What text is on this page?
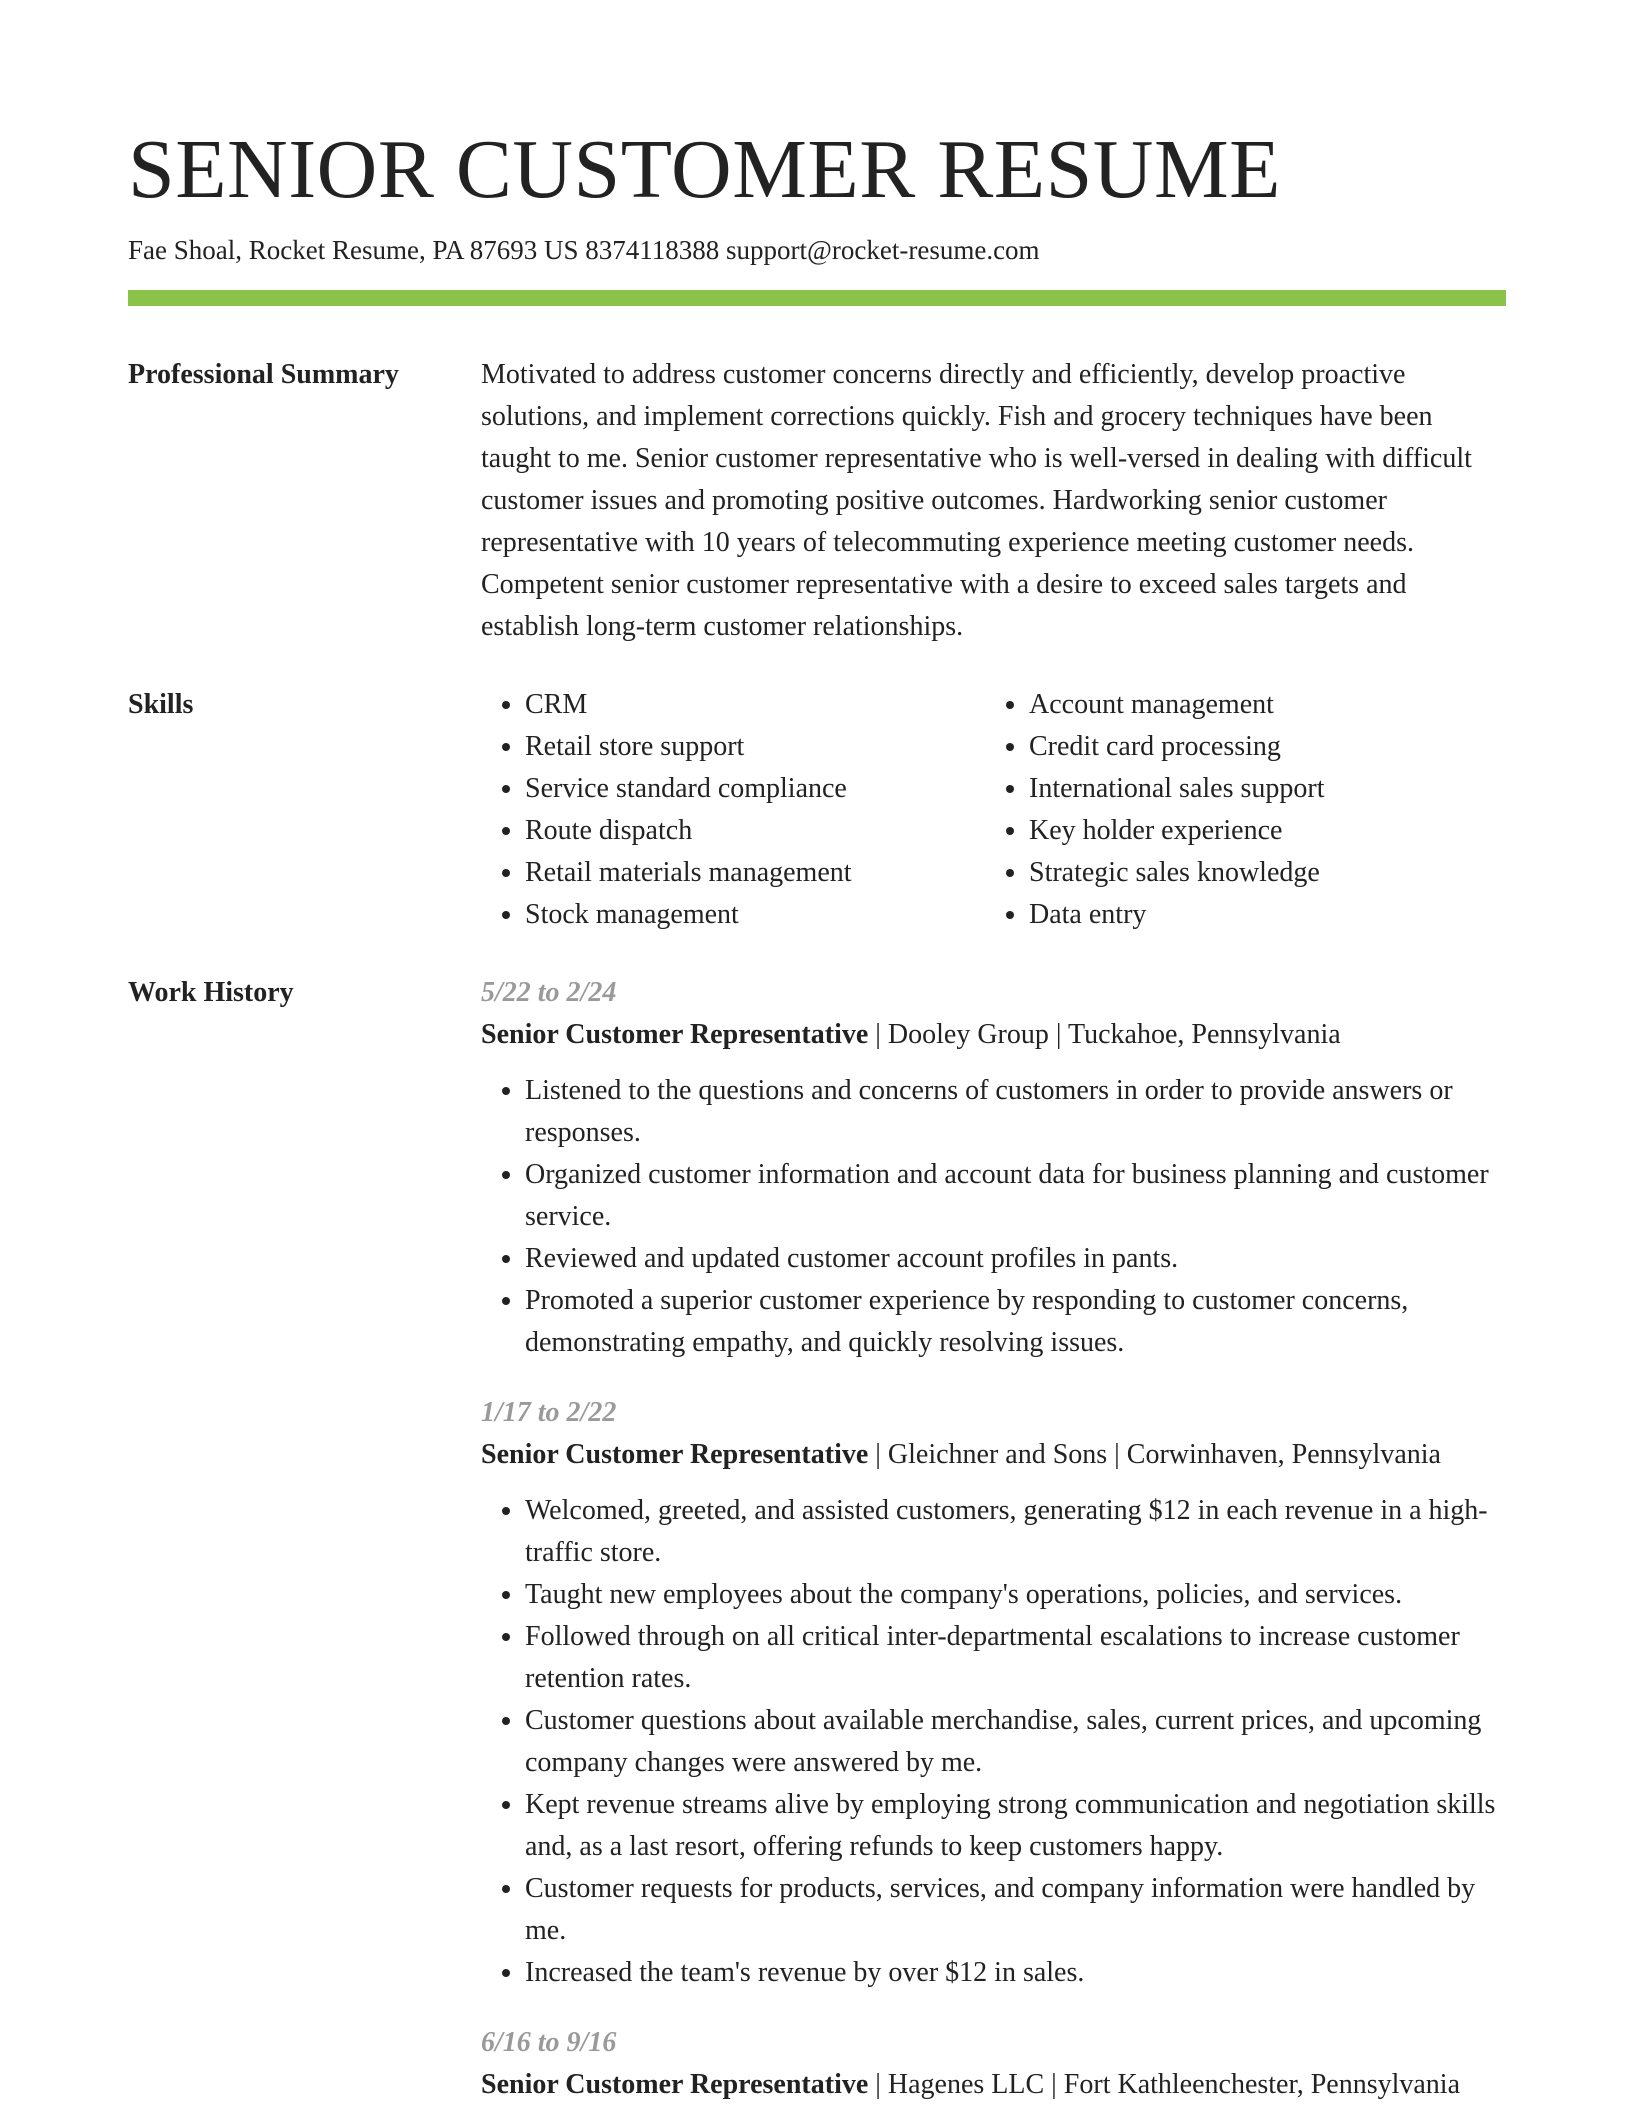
SENIOR CUSTOMER RESUME
Fae Shoal, Rocket Resume, PA 87693 US 8374118388 support@rocket-resume.com
Professional Summary	Motivated to address customer concerns directly and efficiently, develop proactive solutions, and implement corrections quickly. Fish and grocery techniques have been taught to me. Senior customer representative who is well-versed in dealing with difficult customer issues and promoting positive outcomes. Hardworking senior customer representative with 10 years of telecommuting experience meeting customer needs. Competent senior customer representative with a desire to exceed sales targets and establish long-term customer relationships.

Skills
•	CRM
• Retail store support
• Service standard compliance
• Route dispatch
• Retail materials management
• Stock management
• Account management
• Credit card processing
• International sales support
• Key holder experience
• Strategic sales knowledge
• Data entry
Work History	5/22 to 2/24
Senior Customer Representative | Dooley Group | Tuckahoe, Pennsylvania
• Listened to the questions and concerns of customers in order to provide answers or responses.
• Organized customer information and account data for business planning and customer service.
• Reviewed and updated customer account profiles in pants.
• Promoted a superior customer experience by responding to customer concerns, demonstrating empathy, and quickly resolving issues.
1/17 to 2/22
Senior Customer Representative | Gleichner and Sons | Corwinhaven, Pennsylvania
• Welcomed, greeted, and assisted customers, generating $12 in each revenue in a high-traffic store.
• Taught new employees about the company's operations, policies, and services.
• Followed through on all critical inter-departmental escalations to increase customer retention rates.
• Customer questions about available merchandise, sales, current prices, and upcoming company changes were answered by me.
• Kept revenue streams alive by employing strong communication and negotiation skills and, as a last resort, offering refunds to keep customers happy.
• Customer requests for products, services, and company information were handled by me.
• Increased the team's revenue by over $12 in sales.
6/16 to 9/16
Senior Customer Representative | Hagenes LLC | Fort Kathleenchester, Pennsylvania
